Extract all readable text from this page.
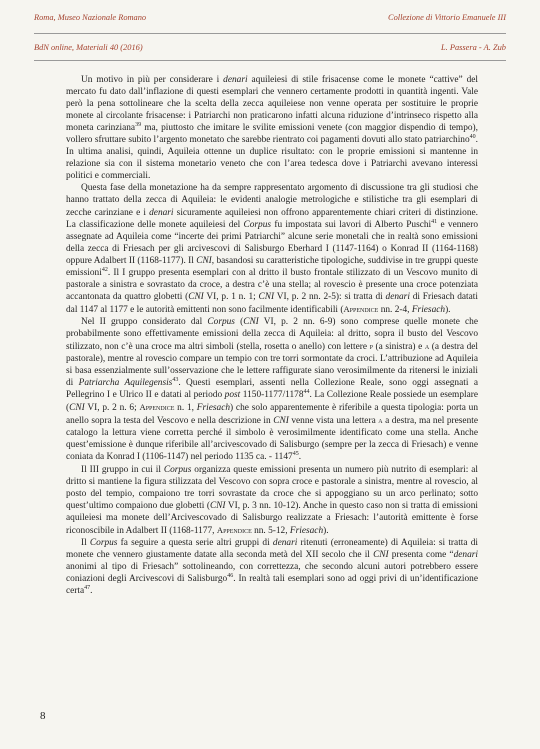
Roma, Museo Nazionale Romano	Collezione di Vittorio Emanuele III
BdN online, Materiali 40 (2016)	L. Passera - A. Zub

Un motivo in più per considerare i denari aquileiesi di stile frisacense come le monete “cattive” del mercato fu dato dall’inflazione di questi esemplari che vennero certamente prodotti in quantità ingenti. Vale però la pena sottolineare che la scelta della zecca aquileiese non venne operata per sostituire le proprie monete al circolante frisacense: i Patriarchi non praticarono infatti alcuna riduzione d’intrinseco rispetto alla moneta carinziana$^{39}$ ma, piuttosto che imitare le svilite emissioni venete (con maggior dispendio di tempo), vollero sfruttare subito l’argento monetato che sarebbe rientrato coi pagamenti dovuti allo stato patriarchino$^{40}$. In ultima analisi, quindi, Aquileia ottenne un duplice risultato: con le proprie emissioni si mantenne in relazione sia con il sistema monetario veneto che con l’area tedesca dove i Patriarchi avevano interessi politici e commerciali.

Questa fase della monetazione ha da sempre rappresentato argomento di discussione tra gli studiosi che hanno trattato della zecca di Aquileia: le evidenti analogie metrologiche e stilistiche tra gli esemplari di zecche carinziane e i denari sicuramente aquileiesi non offrono apparentemente chiari criteri di distinzione. La classificazione delle monete aquileiesi del Corpus fu impostata sui lavori di Alberto Puschi$^{41}$ e vennero assegnate ad Aquileia come “incerte dei primi Patriarchi” alcune serie monetali che in realtà sono emissioni della zecca di Friesach per gli arcivescovi di Salisburgo Eberhard I (1147-1164) o Konrad II (1164-1168) oppure Adalbert II (1168-1177). Il CNI, basandosi su caratteristiche tipologiche, suddivise in tre gruppi queste emissioni$^{42}$. Il I gruppo presenta esemplari con al dritto il busto frontale stilizzato di un Vescovo munito di pastorale a sinistra e sovrastato da croce, a destra c’è una stella; al rovescio è presente una croce potenziata accantonata da quattro globetti (CNI VI, p. 1 n. 1; CNI VI, p. 2 nn. 2-5): si tratta di denari di Friesach datati dal 1147 al 1177 e le autorità emittenti non sono facilmente identificabili (Appendice nn. 2-4, Friesach).

Nel II gruppo considerato dal Corpus (CNI VI, p. 2 nn. 6-9) sono comprese quelle monete che probabilmente sono effettivamente emissioni della zecca di Aquileia: al dritto, sopra il busto del Vescovo stilizzato, non c’è una croce ma altri simboli (stella, rosetta o anello) con lettere p (a sinistra) e a (a destra del pastorale), mentre al rovescio compare un tempio con tre torri sormontate da croci. L’attribuzione ad Aquileia si basa essenzialmente sull’osservazione che le lettere raffigurate siano verosimilmente da ritenersi le iniziali di Patriarcha Aquilegensis$^{43}$. Questi esemplari, assenti nella Collezione Reale, sono oggi assegnati a Pellegrino I e Ulrico II e datati al periodo post 1150-1177/1178$^{44}$. La Collezione Reale possiede un esemplare (CNI VI, p. 2 n. 6; Appendice n. 1, Friesach) che solo apparentemente è riferibile a questa tipologia: porta un anello sopra la testa del Vescovo e nella descrizione in CNI venne vista una lettera a a destra, ma nel presente catalogo la lettura viene corretta perché il simbolo è verosimilmente identificato come una stella. Anche quest’emissione è dunque riferibile all’arcivescovado di Salisburgo (sempre per la zecca di Friesach) e venne coniata da Konrad I (1106-1147) nel periodo 1135 ca. - 1147$^{45}$.

Il III gruppo in cui il Corpus organizza queste emissioni presenta un numero più nutrito di esemplari: al dritto si mantiene la figura stilizzata del Vescovo con sopra croce e pastorale a sinistra, mentre al rovescio, al posto del tempio, compaiono tre torri sovrastate da croce che si appoggiano su un arco perlinato; sotto quest’ultimo compaiono due globetti (CNI VI, p. 3 nn. 10-12). Anche in questo caso non si tratta di emissioni aquileiesi ma monete dell’Arcivescovado di Salisburgo realizzate a Friesach: l’autorità emittente è forse riconoscibile in Adalbert II (1168-1177, Appendice nn. 5-12, Friesach).

Il Corpus fa seguire a questa serie altri gruppi di denari ritenuti (erroneamente) di Aquileia: si tratta di monete che vennero giustamente datate alla seconda metà del XII secolo che il CNI presenta come “denari anonimi al tipo di Friesach” sottolineando, con correttezza, che secondo alcuni autori potrebbero essere coniazioni degli Arcivescovi di Salisburgo$^{46}$. In realtà tali esemplari sono ad oggi privi di un’identificazione certa$^{47}$.

8
